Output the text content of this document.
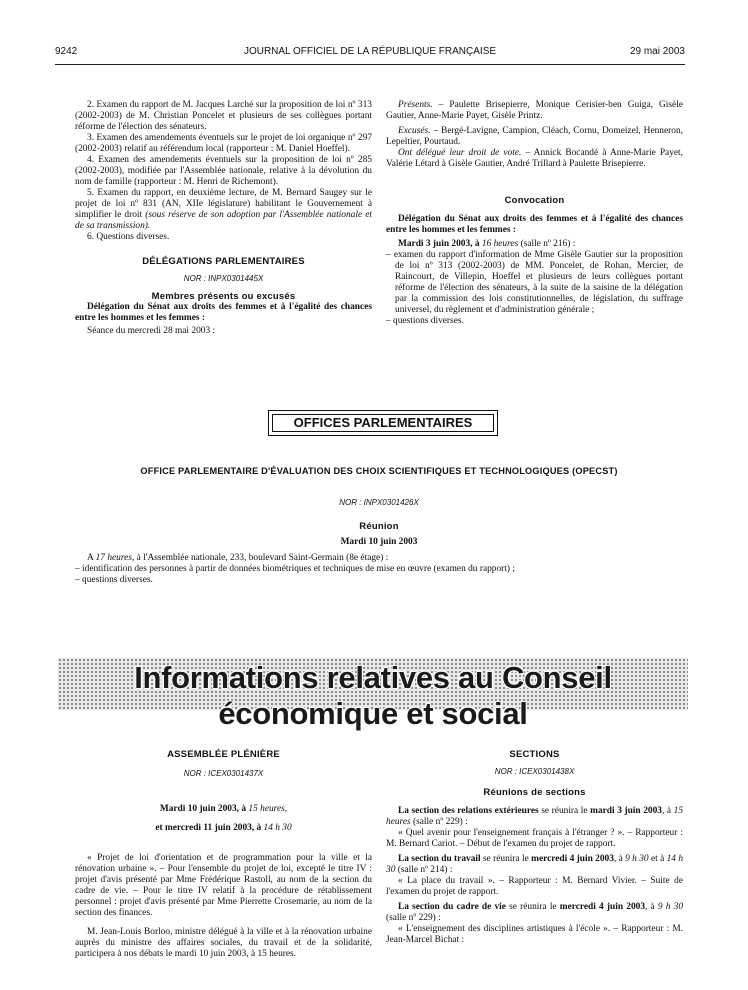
9242	JOURNAL OFFICIEL DE LA RÉPUBLIQUE FRANÇAISE	29 mai 2003

2. Examen du rapport de M. Jacques Larché sur la proposition de loi nº 313 (2002-2003) de M. Christian Poncelet et plusieurs de ses collègues portant réforme de l'élection des sénateurs.

3. Examen des amendements éventuels sur le projet de loi organique nº 297 (2002-2003) relatif au référendum local (rapporteur : M. Daniel Hoeffel).

4. Examen des amendements éventuels sur la proposition de loi nº 285 (2002-2003), modifiée par l'Assemblée nationale, relative à la dévolution du nom de famille (rapporteur : M. Henri de Richemont).

5. Examen du rapport, en deuxième lecture, de M. Bernard Saugey sur le projet de loi nº 831 (AN, XIIe législature) habilitant le Gouvernement à simplifier le droit (sous réserve de son adoption par l'Assemblée nationale et de sa transmission).

6. Questions diverses.

DÉLÉGATIONS PARLEMENTAIRES

NOR : INPX0301445X

Membres présents ou excusés

Délégation du Sénat aux droits des femmes et à l'égalité des chances entre les hommes et les femmes :

Séance du mercredi 28 mai 2003 :

Présents. – Paulette Brisepierre, Monique Cerisier-ben Guiga, Gisèle Gautier, Anne-Marie Payet, Gisèle Printz.

Excusés. – Bergé-Lavigne, Campion, Cléach, Cornu, Domeizel, Henneron, Lepeltier, Pourtaud.

Ont délégué leur droit de vote. – Annick Bocandé à Anne-Marie Payet, Valérie Létard à Gisèle Gautier, André Trillard à Paulette Brisepierre.

Convocation

Délégation du Sénat aux droits des femmes et à l'égalité des chances entre les hommes et les femmes :

Mardi 3 juin 2003, à 16 heures (salle nº 216) :

– examen du rapport d'information de Mme Gisèle Gautier sur la proposition de loi nº 313 (2002-2003) de MM. Poncelet, de Rohan, Mercier, de Raincourt, de Villepin, Hoeffel et plusieurs de leurs collègues portant réforme de l'élection des sénateurs, à la suite de la saisine de la délégation par la commission des lois constitutionnelles, de législation, du suffrage universel, du règlement et d'administration générale ;

– questions diverses.

OFFICES PARLEMENTAIRES

OFFICE PARLEMENTAIRE D'ÉVALUATION DES CHOIX SCIENTIFIQUES ET TECHNOLOGIQUES (OPECST)

NOR : INPX0301426X

Réunion

Mardi 10 juin 2003

A 17 heures, à l'Assemblée nationale, 233, boulevard Saint-Germain (8e étage) :

– identification des personnes à partir de données biométriques et techniques de mise en œuvre (examen du rapport) ;

– questions diverses.

Informations relatives au Conseil économique et social

ASSEMBLÉE PLÉNIÈRE

NOR : ICEX0301437X

Mardi 10 juin 2003, à 15 heures,

et mercredi 11 juin 2003, à 14 h 30

« Projet de loi d'orientation et de programmation pour la ville et la rénovation urbaine ». – Pour l'ensemble du projet de loi, excepté le titre IV : projet d'avis présenté par Mme Frédérique Rastoll, au nom de la section du cadre de vie. – Pour le titre IV relatif à la procédure de rétablissement personnel : projet d'avis présenté par Mme Pierrette Crosemarie, au nom de la section des finances.

M. Jean-Louis Borloo, ministre délégué à la ville et à la rénovation urbaine auprès du ministre des affaires sociales, du travail et de la solidarité, participera à nos débats le mardi 10 juin 2003, à 15 heures.

SECTIONS

NOR : ICEX0301438X

Réunions de sections

La section des relations extérieures se réunira le mardi 3 juin 2003, à 15 heures (salle nº 229) :

« Quel avenir pour l'enseignement français à l'étranger ? ». – Rapporteur : M. Bernard Cariot. – Début de l'examen du projet de rapport.

La section du travail se réunira le mercredi 4 juin 2003, à 9 h 30 et à 14 h 30 (salle nº 214) :

« La place du travail ». – Rapporteur : M. Bernard Vivier. – Suite de l'examen du projet de rapport.

La section du cadre de vie se réunira le mercredi 4 juin 2003, à 9 h 30 (salle nº 229) :

« L'enseignement des disciplines artistiques à l'école ». – Rapporteur : M. Jean-Marcel Bichat :
